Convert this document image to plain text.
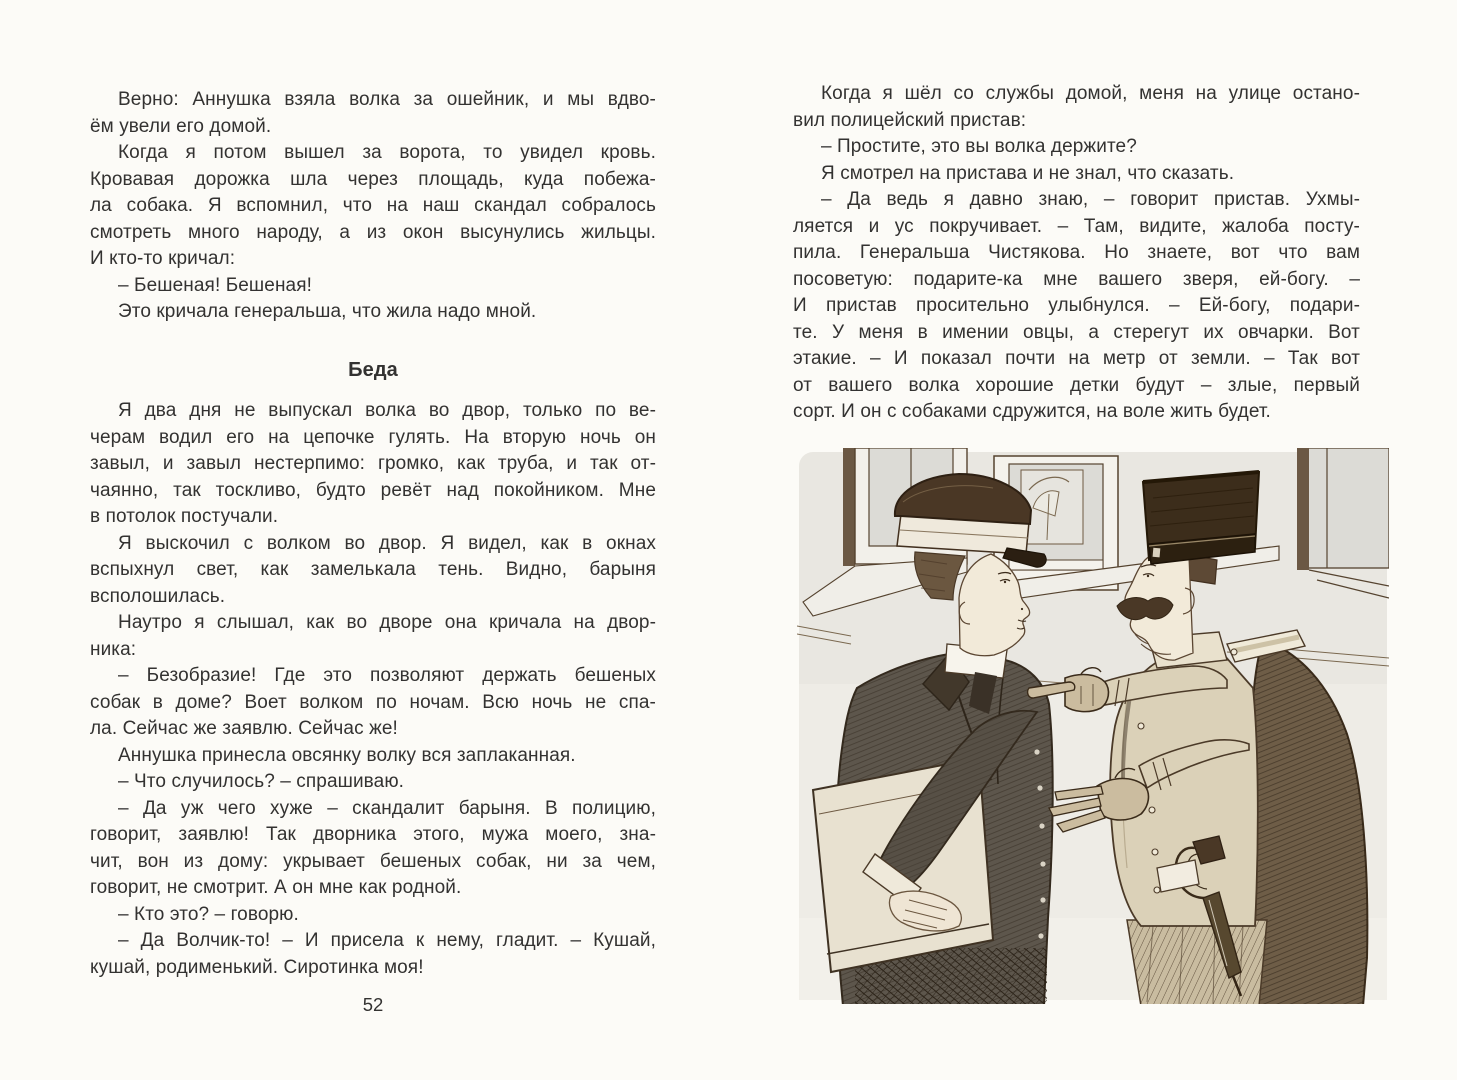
Верно: Аннушка взяла волка за ошейник, и мы вдво-
ём увели его домой.
Когда я потом вышел за ворота, то увидел кровь.
Кровавая дорожка шла через площадь, куда побежа-
ла собака. Я вспомнил, что на наш скандал собралось
смотреть много народу, а из окон высунулись жильцы.
И кто-то кричал:
– Бешеная! Бешеная!
Это кричала генеральша, что жила надо мной.
Беда
Я два дня не выпускал волка во двор, только по ве-
черам водил его на цепочке гулять. На вторую ночь он
завыл, и завыл нестерпимо: громко, как труба, и так от-
чаянно, так тоскливо, будто ревёт над покойником. Мне
в потолок постучали.
Я выскочил с волком во двор. Я видел, как в окнах
вспыхнул свет, как замелькала тень. Видно, барыня
всполошилась.
Наутро я слышал, как во дворе она кричала на двор-
ника:
– Безобразие! Где это позволяют держать бешеных
собак в доме? Воет волком по ночам. Всю ночь не спа-
ла. Сейчас же заявлю. Сейчас же!
Аннушка принесла овсянку волку вся заплаканная.
– Что случилось? – спрашиваю.
– Да уж чего хуже – скандалит барыня. В полицию,
говорит, заявлю! Так дворника этого, мужа моего, зна-
чит, вон из дому: укрывает бешеных собак, ни за чем,
говорит, не смотрит. А он мне как родной.
– Кто это? – говорю.
– Да Волчик-то! – И присела к нему, гладит. – Кушай,
кушай, родименький. Сиротинка моя!
52
Когда я шёл со службы домой, меня на улице остано-
вил полицейский пристав:
– Простите, это вы волка держите?
Я смотрел на пристава и не знал, что сказать.
– Да ведь я давно знаю, – говорит пристав. Ухмы-
ляется и ус покручивает. – Там, видите, жалоба посту-
пила. Генеральша Чистякова. Но знаете, вот что вам
посоветую: подарите-ка мне вашего зверя, ей-богу. –
И пристав просительно улыбнулся. – Ей-богу, подари-
те. У меня в имении овцы, а стерегут их овчарки. Вот
этакие. – И показал почти на метр от земли. – Так вот
от вашего волка хорошие детки будут – злые, первый
сорт. И он с собаками сдружится, на воле жить будет.
